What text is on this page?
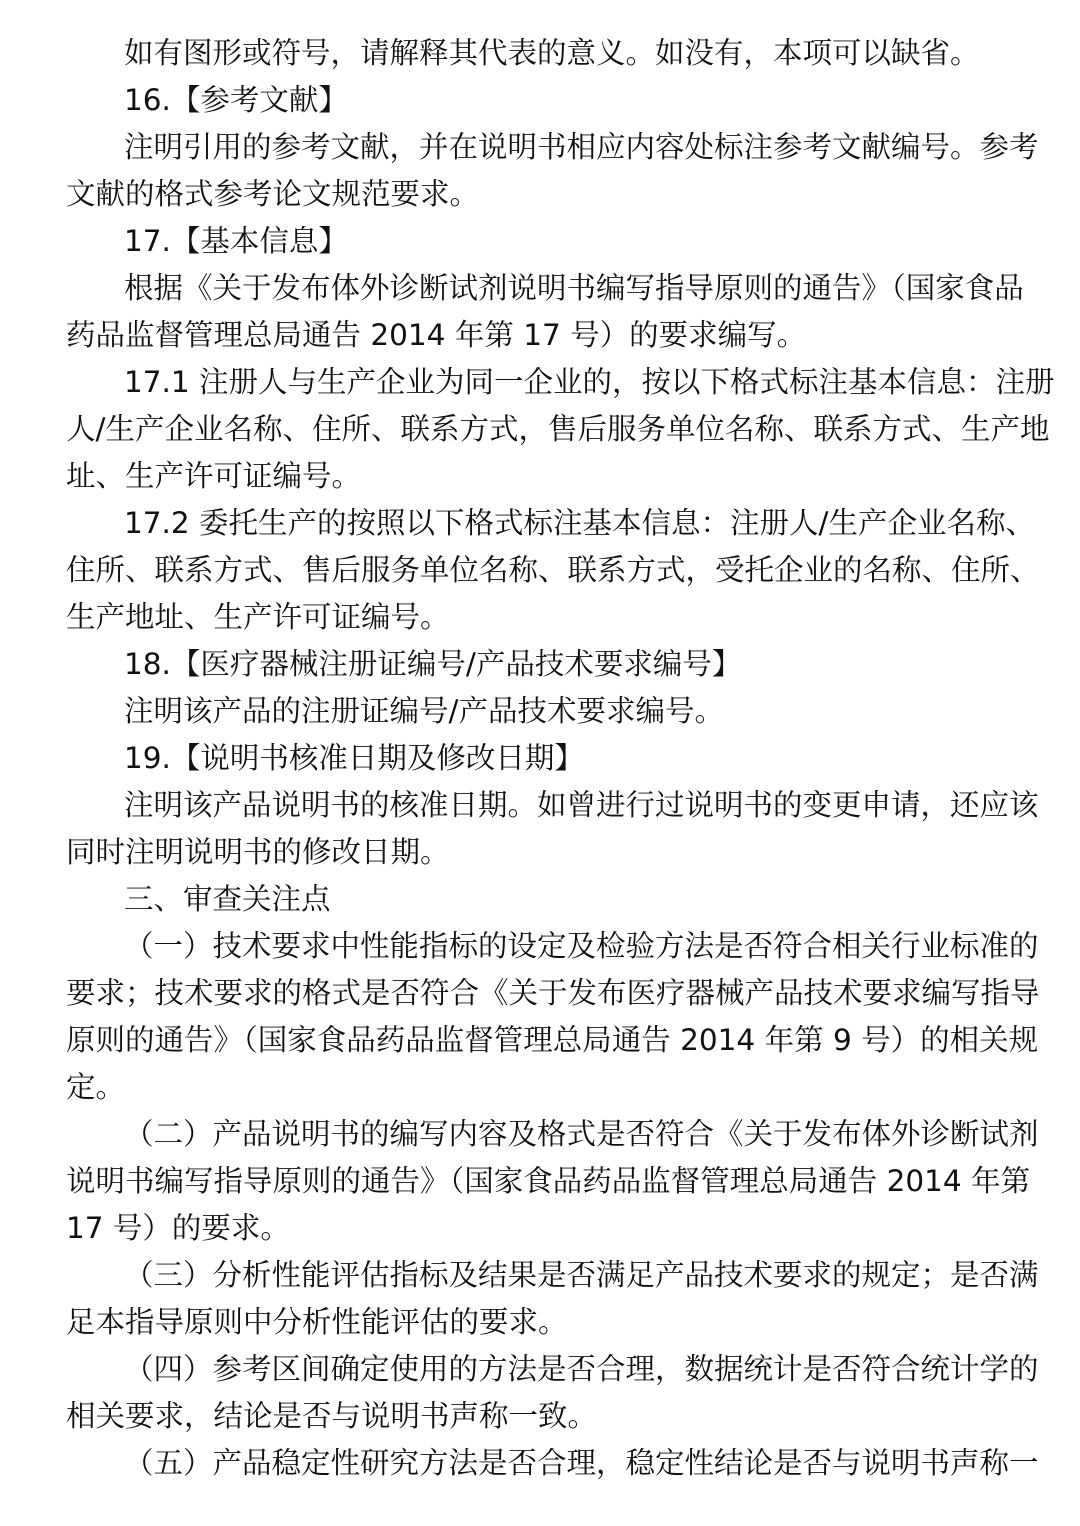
如有图形或符号，请解释其代表的意义。如没有，本项可以缺省。
16.【参考文献】
注明引用的参考文献，并在说明书相应内容处标注参考文献编号。参考
文献的格式参考论文规范要求。
17.【基本信息】
根据《关于发布体外诊断试剂说明书编写指导原则的通告》（国家食品
药品监督管理总局通告 2014 年第 17 号）的要求编写。
17.1 注册人与生产企业为同一企业的，按以下格式标注基本信息：注册
人/生产企业名称、住所、联系方式，售后服务单位名称、联系方式、生产地
址、生产许可证编号。
17.2 委托生产的按照以下格式标注基本信息：注册人/生产企业名称、
住所、联系方式、售后服务单位名称、联系方式，受托企业的名称、住所、
生产地址、生产许可证编号。
18.【医疗器械注册证编号/产品技术要求编号】
注明该产品的注册证编号/产品技术要求编号。
19.【说明书核准日期及修改日期】
注明该产品说明书的核准日期。如曾进行过说明书的变更申请，还应该
同时注明说明书的修改日期。
三、审查关注点
（一）技术要求中性能指标的设定及检验方法是否符合相关行业标准的
要求；技术要求的格式是否符合《关于发布医疗器械产品技术要求编写指导
原则的通告》（国家食品药品监督管理总局通告 2014 年第 9 号）的相关规
定。
（二）产品说明书的编写内容及格式是否符合《关于发布体外诊断试剂
说明书编写指导原则的通告》（国家食品药品监督管理总局通告 2014 年第
17 号）的要求。
（三）分析性能评估指标及结果是否满足产品技术要求的规定；是否满
足本指导原则中分析性能评估的要求。
（四）参考区间确定使用的方法是否合理，数据统计是否符合统计学的
相关要求，结论是否与说明书声称一致。
（五）产品稳定性研究方法是否合理，稳定性结论是否与说明书声称一
